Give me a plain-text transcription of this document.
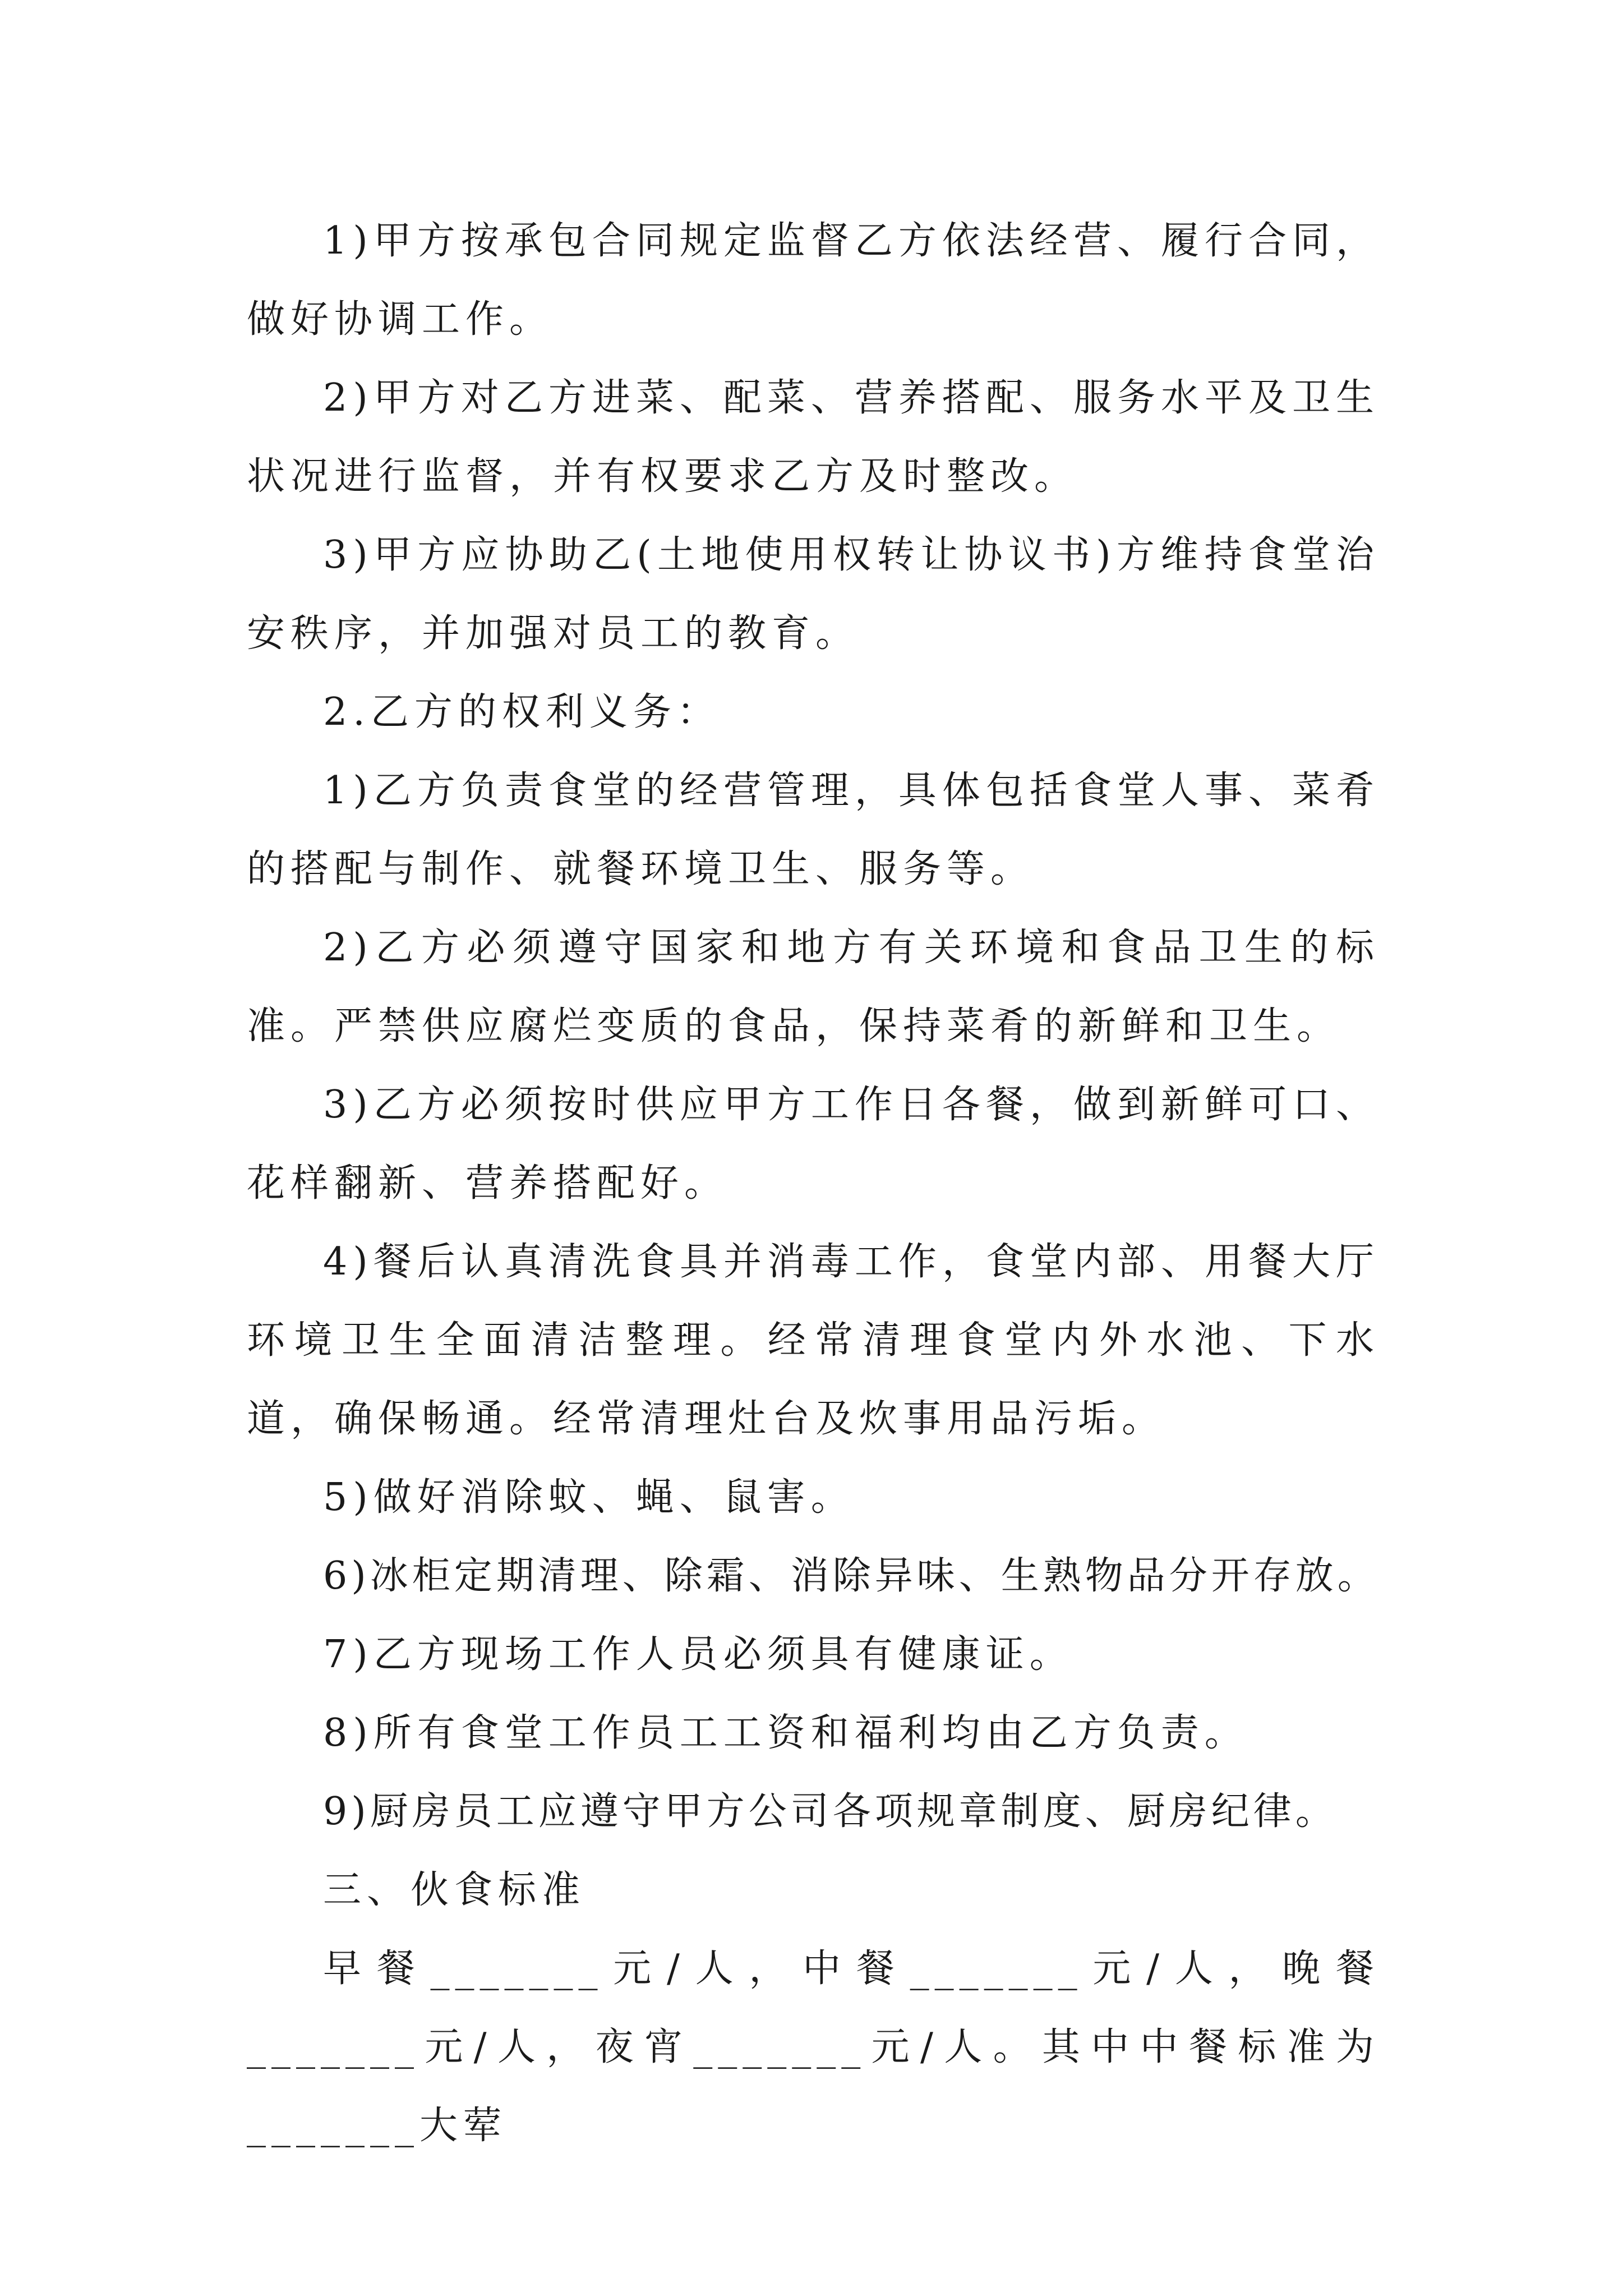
1)甲方按承包合同规定监督乙方依法经营、履行合同，做好协调工作。

2)甲方对乙方进菜、配菜、营养搭配、服务水平及卫生状况进行监督，并有权要求乙方及时整改。

3)甲方应协助乙(土地使用权转让协议书)方维持食堂治安秩序，并加强对员工的教育。

2.乙方的权利义务：

1)乙方负责食堂的经营管理，具体包括食堂人事、菜肴的搭配与制作、就餐环境卫生、服务等。

2)乙方必须遵守国家和地方有关环境和食品卫生的标准。严禁供应腐烂变质的食品，保持菜肴的新鲜和卫生。

3)乙方必须按时供应甲方工作日各餐，做到新鲜可口、花样翻新、营养搭配好。

4)餐后认真清洗食具并消毒工作，食堂内部、用餐大厅环境卫生全面清洁整理。经常清理食堂内外水池、下水道，确保畅通。经常清理灶台及炊事用品污垢。

5)做好消除蚊、蝇、鼠害。

6)冰柜定期清理、除霜、消除异味、生熟物品分开存放。

7)乙方现场工作人员必须具有健康证。

8)所有食堂工作员工工资和福利均由乙方负责。

9)厨房员工应遵守甲方公司各项规章制度、厨房纪律。

三、伙食标准

早餐_______元/人，中餐_______元/人，晚餐_______元/人，夜宵_______元/人。其中中餐标准为_______大荤
